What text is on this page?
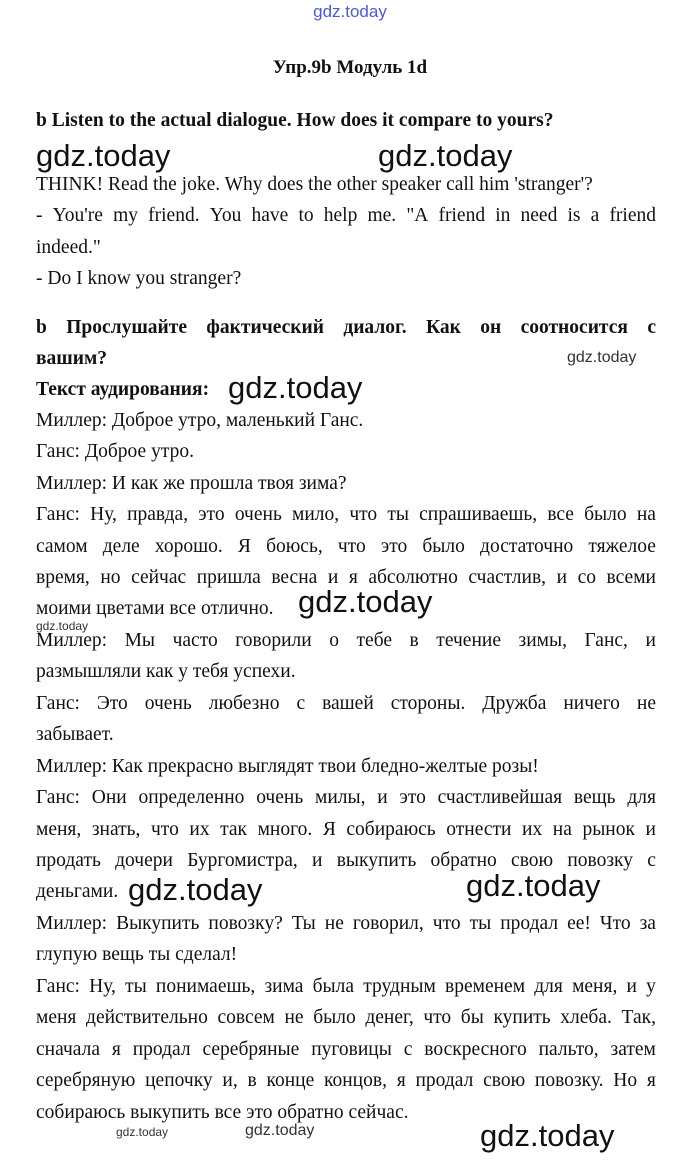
gdz.today
Упр.9b Модуль 1d
b Listen to the actual dialogue. How does it compare to yours?
gdz.today	gdz.today
THINK! Read the joke. Why does the other speaker call him 'stranger'?
- You're my friend. You have to help me. "A friend in need is a friend
indeed."
- Do I know you stranger?
b Прослушайте фактический диалог. Как он соотносится с
вашим?	gdz.today
Текст аудирования: gdz.today
Миллер: Доброе утро, маленький Ганс.
Ганс: Доброе утро.
Миллер: И как же прошла твоя зима?
Ганс: Ну, правда, это очень мило, что ты спрашиваешь, все было на
самом деле хорошо. Я боюсь, что это было достаточно тяжелое
время, но сейчас пришла весна и я абсолютно счастлив, и со всеми
моими цветами все отлично.
Миллер: Мы часто говорили о тебе в течение зимы, Ганс, и
размышляли как у тебя успехи.
Ганс: Это очень любезно с вашей стороны. Дружба ничего не
забывает.
Миллер: Как прекрасно выглядят твои бледно-желтые розы!
Ганс: Они определенно очень милы, и это счастливейшая вещь для
меня, знать, что их так много. Я собираюсь отнести их на рынок и
продать дочери Бургомистра, и выкупить обратно свою повозку с
деньгами.
Миллер: Выкупить повозку? Ты не говорил, что ты продал ее! Что за
глупую вещь ты сделал!
Ганс: Ну, ты понимаешь, зима была трудным временем для меня, и у
меня действительно совсем не было денег, что бы купить хлеба. Так,
сначала я продал серебряные пуговицы с воскресного пальто, затем
серебряную цепочку и, в конце концов, я продал свою повозку. Но я
собираюсь выкупить все это обратно сейчас.
gdz.today
gdz.today
gdz.today	gdz.today
gdz.today	gdz.today	gdz.today
